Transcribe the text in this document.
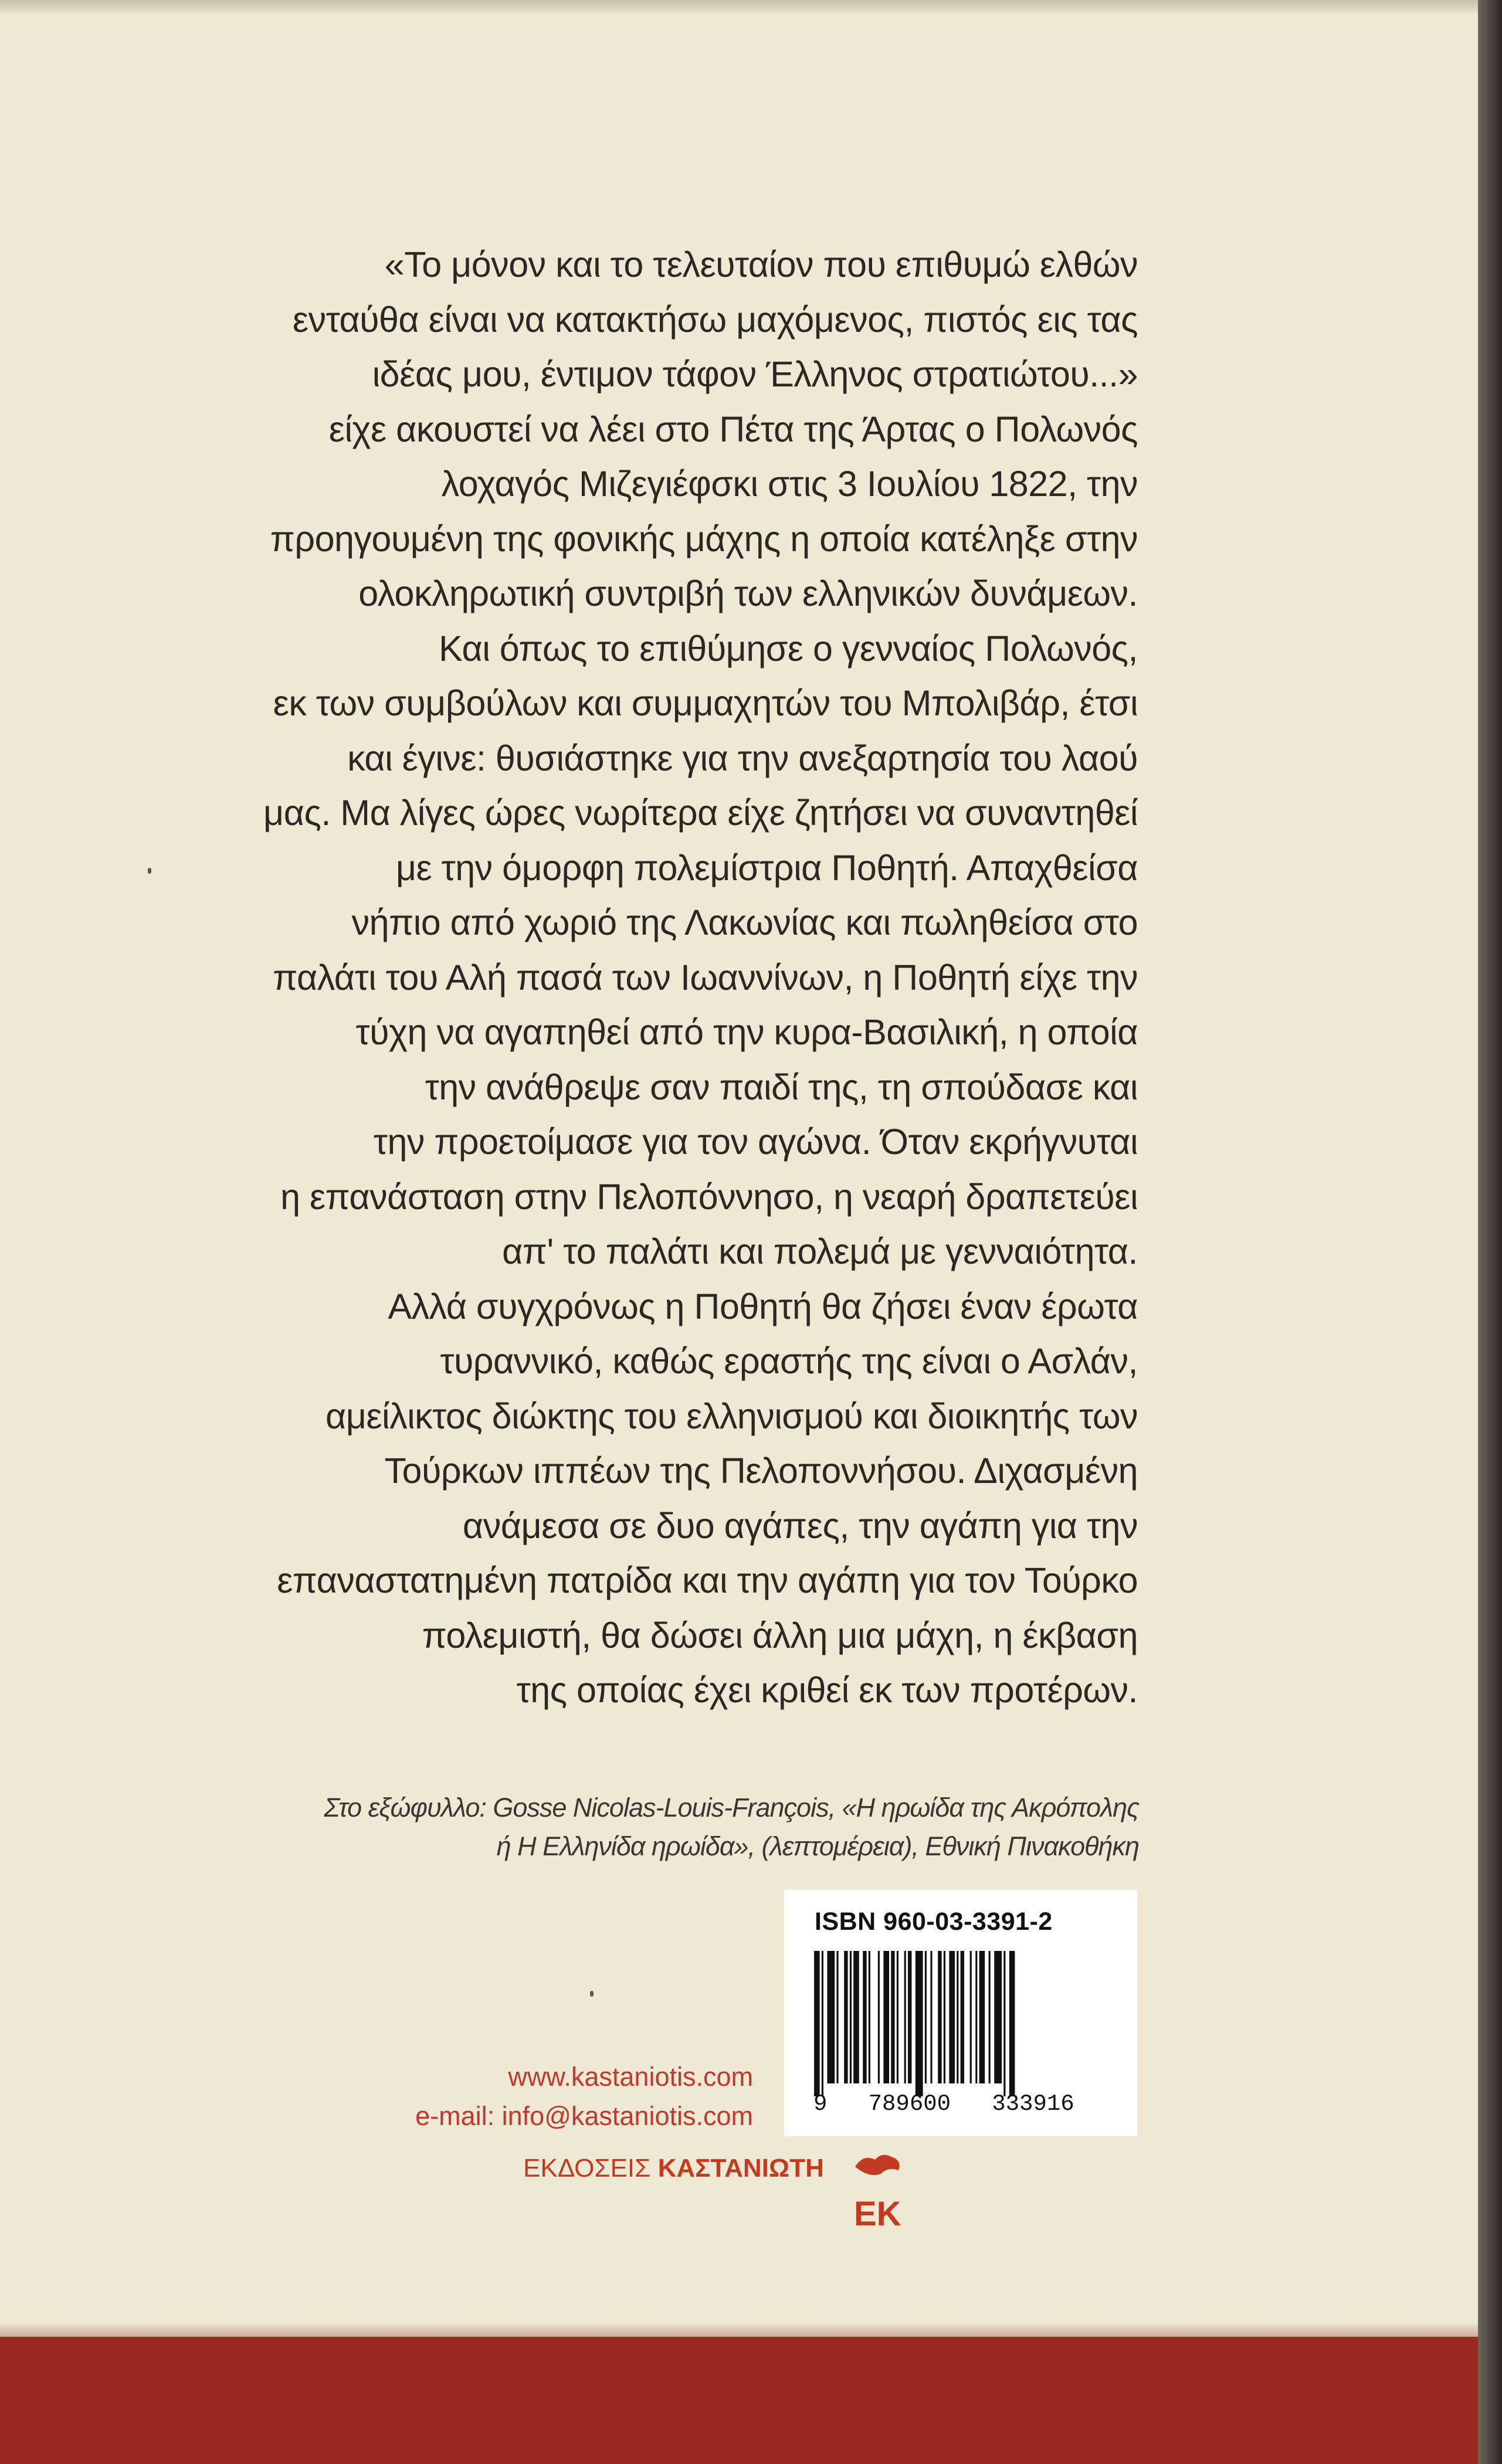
«Το μόνον και το τελευταίον που επιθυμώ ελθών

ενταύθα είναι να κατακτήσω μαχόμενος, πιστός εις τας

ιδέας μου, έντιμον τάφον Έλληνος στρατιώτου...»

είχε ακουστεί να λέει στο Πέτα της Άρτας ο Πολωνός

λοχαγός Μιζεγιέφσκι στις 3 Ιουλίου 1822, την

προηγουμένη της φονικής μάχης η οποία κατέληξε στην

ολοκληρωτική συντριβή των ελληνικών δυνάμεων.

Και όπως το επιθύμησε ο γενναίος Πολωνός,

εκ των συμβούλων και συμμαχητών του Μπολιβάρ, έτσι

και έγινε: θυσιάστηκε για την ανεξαρτησία του λαού

μας. Μα λίγες ώρες νωρίτερα είχε ζητήσει να συναντηθεί

με την όμορφη πολεμίστρια Ποθητή. Απαχθείσα

νήπιο από χωριό της Λακωνίας και πωληθείσα στο

παλάτι του Αλή πασά των Ιωαννίνων, η Ποθητή είχε την

τύχη να αγαπηθεί από την κυρα-Βασιλική, η οποία

την ανάθρεψε σαν παιδί της, τη σπούδασε και

την προετοίμασε για τον αγώνα. Όταν εκρήγνυται

η επανάσταση στην Πελοπόννησο, η νεαρή δραπετεύει

απ' το παλάτι και πολεμά με γενναιότητα.

Αλλά συγχρόνως η Ποθητή θα ζήσει έναν έρωτα

τυραννικό, καθώς εραστής της είναι ο Ασλάν,

αμείλικτος διώκτης του ελληνισμού και διοικητής των

Τούρκων ιππέων της Πελοποννήσου. Διχασμένη

ανάμεσα σε δυο αγάπες, την αγάπη για την

επαναστατημένη πατρίδα και την αγάπη για τον Τούρκο

πολεμιστή, θα δώσει άλλη μια μάχη, η έκβαση

της οποίας έχει κριθεί εκ των προτέρων.

Στο εξώφυλλο: Gosse Nicolas-Louis-François, «Η ηρωίδα της Ακρόπολης

ή Η Ελληνίδα ηρωίδα», (λεπτομέρεια), Εθνική Πινακοθήκη

ISBN 960-03-3391-2
9   789600   333916

www.kastaniotis.com

e-mail: info@kastaniotis.com

ΕΚΔΟΣΕΙΣ ΚΑΣΤΑΝΙΩΤΗ
ΕΚ
